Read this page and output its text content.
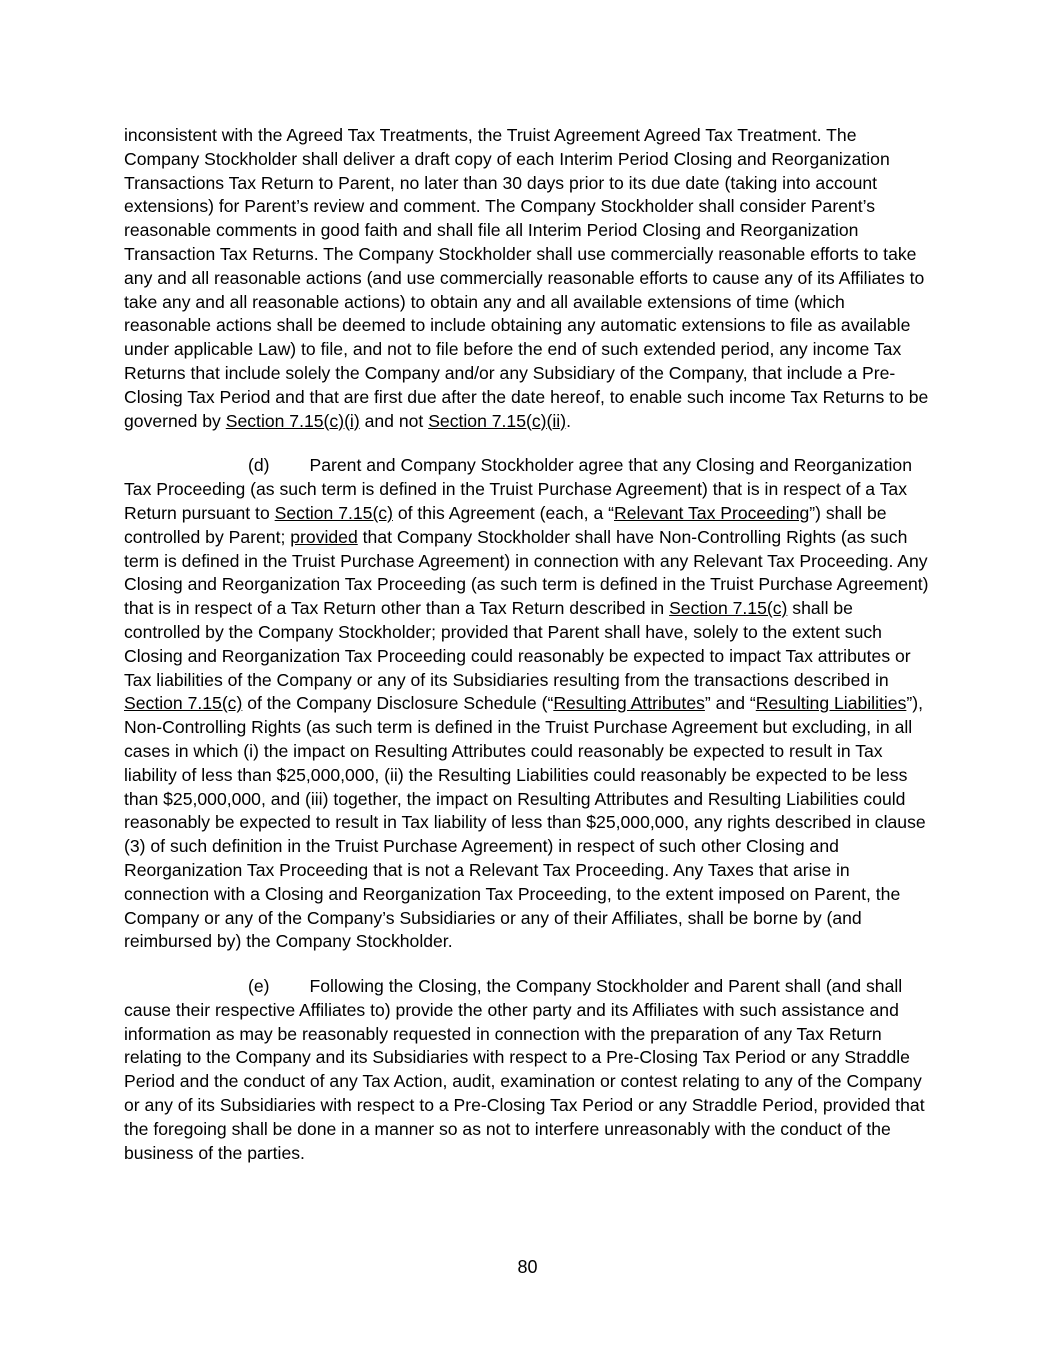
inconsistent with the Agreed Tax Treatments, the Truist Agreement Agreed Tax Treatment. The Company Stockholder shall deliver a draft copy of each Interim Period Closing and Reorganization Transactions Tax Return to Parent, no later than 30 days prior to its due date (taking into account extensions) for Parent’s review and comment. The Company Stockholder shall consider Parent’s reasonable comments in good faith and shall file all Interim Period Closing and Reorganization Transaction Tax Returns. The Company Stockholder shall use commercially reasonable efforts to take any and all reasonable actions (and use commercially reasonable efforts to cause any of its Affiliates to take any and all reasonable actions) to obtain any and all available extensions of time (which reasonable actions shall be deemed to include obtaining any automatic extensions to file as available under applicable Law) to file, and not to file before the end of such extended period, any income Tax Returns that include solely the Company and/or any Subsidiary of the Company, that include a Pre-Closing Tax Period and that are first due after the date hereof, to enable such income Tax Returns to be governed by Section 7.15(c)(i) and not Section 7.15(c)(ii).

(d) Parent and Company Stockholder agree that any Closing and Reorganization Tax Proceeding (as such term is defined in the Truist Purchase Agreement) that is in respect of a Tax Return pursuant to Section 7.15(c) of this Agreement (each, a “Relevant Tax Proceeding”) shall be controlled by Parent; provided that Company Stockholder shall have Non-Controlling Rights (as such term is defined in the Truist Purchase Agreement) in connection with any Relevant Tax Proceeding. Any Closing and Reorganization Tax Proceeding (as such term is defined in the Truist Purchase Agreement) that is in respect of a Tax Return other than a Tax Return described in Section 7.15(c) shall be controlled by the Company Stockholder; provided that Parent shall have, solely to the extent such Closing and Reorganization Tax Proceeding could reasonably be expected to impact Tax attributes or Tax liabilities of the Company or any of its Subsidiaries resulting from the transactions described in Section 7.15(c) of the Company Disclosure Schedule (“Resulting Attributes” and “Resulting Liabilities”), Non-Controlling Rights (as such term is defined in the Truist Purchase Agreement but excluding, in all cases in which (i) the impact on Resulting Attributes could reasonably be expected to result in Tax liability of less than $25,000,000, (ii) the Resulting Liabilities could reasonably be expected to be less than $25,000,000, and (iii) together, the impact on Resulting Attributes and Resulting Liabilities could reasonably be expected to result in Tax liability of less than $25,000,000, any rights described in clause (3) of such definition in the Truist Purchase Agreement) in respect of such other Closing and Reorganization Tax Proceeding that is not a Relevant Tax Proceeding. Any Taxes that arise in connection with a Closing and Reorganization Tax Proceeding, to the extent imposed on Parent, the Company or any of the Company’s Subsidiaries or any of their Affiliates, shall be borne by (and reimbursed by) the Company Stockholder.

(e) Following the Closing, the Company Stockholder and Parent shall (and shall cause their respective Affiliates to) provide the other party and its Affiliates with such assistance and information as may be reasonably requested in connection with the preparation of any Tax Return relating to the Company and its Subsidiaries with respect to a Pre-Closing Tax Period or any Straddle Period and the conduct of any Tax Action, audit, examination or contest relating to any of the Company or any of its Subsidiaries with respect to a Pre-Closing Tax Period or any Straddle Period, provided that the foregoing shall be done in a manner so as not to interfere unreasonably with the conduct of the business of the parties.

80
